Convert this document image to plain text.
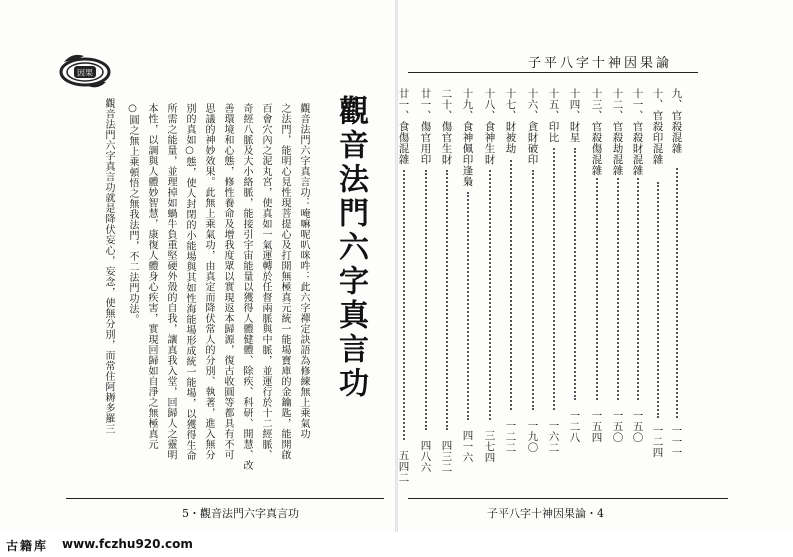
因果
觀音法門六字真言功
觀音法門六字真言功：唵嘛呢叭咪吽：此六字禪定訣語為修練無上乘氣功
之法門，能明心見性現菩提心及打開無極真元統一能場寶庫的金鑰匙，能開啟
百會穴內之泥丸宮，使真如一氣運轉於任督兩脈與中脈，並運行於十二經脈、
奇經八脈及大小絡脈，能接引宇宙能量以獲得人體健體、除疾、科研、開慧、改
善環境和心態，修性養命及增我度眾以實現返本歸源，復古收圓等都具有不可
思議的神妙效果。此無上乘氣功，由真定而降伏常人的分別、執著，進入無分
別的真如○態，使人封閉的小能場與其如性海能場形成統一能場，以獲得生命
所需之能量，並理掉如蝸牛負重堅硬外殼的自我，讓真我入堂，回歸人之靈明
本性，以調與人體妙智慧，康復人體身心疾害，實現回歸如自淨之無極真元
○圓之無上乘頓悟之無我法門，不二法門功法。
觀音法門六字真言功就是降伏妄心，妄念，使無分別，而常住阿耨多羅三
5・觀音法門六字真言功
子平八字十神因果論
九、官殺混雜
一一一
十、官殺印混雜
一二四
十一、官殺財混雜
一五〇
十二、官殺劫混雜
一五〇
十三、官殺傷混雜
一五四
十四、財星
一二八
十五、印比
一六二
十六、貪財破印
一九〇
十七、財被劫
一二二
十八、食神生財
三七四
十九、食神佩印逢梟
四一六
二十、傷官生財
四三二
廿一、傷官用印
四八六
廿一、食傷混雜
五四二
子平八字十神因果論・4
古籍库 www.fczhu920.com
